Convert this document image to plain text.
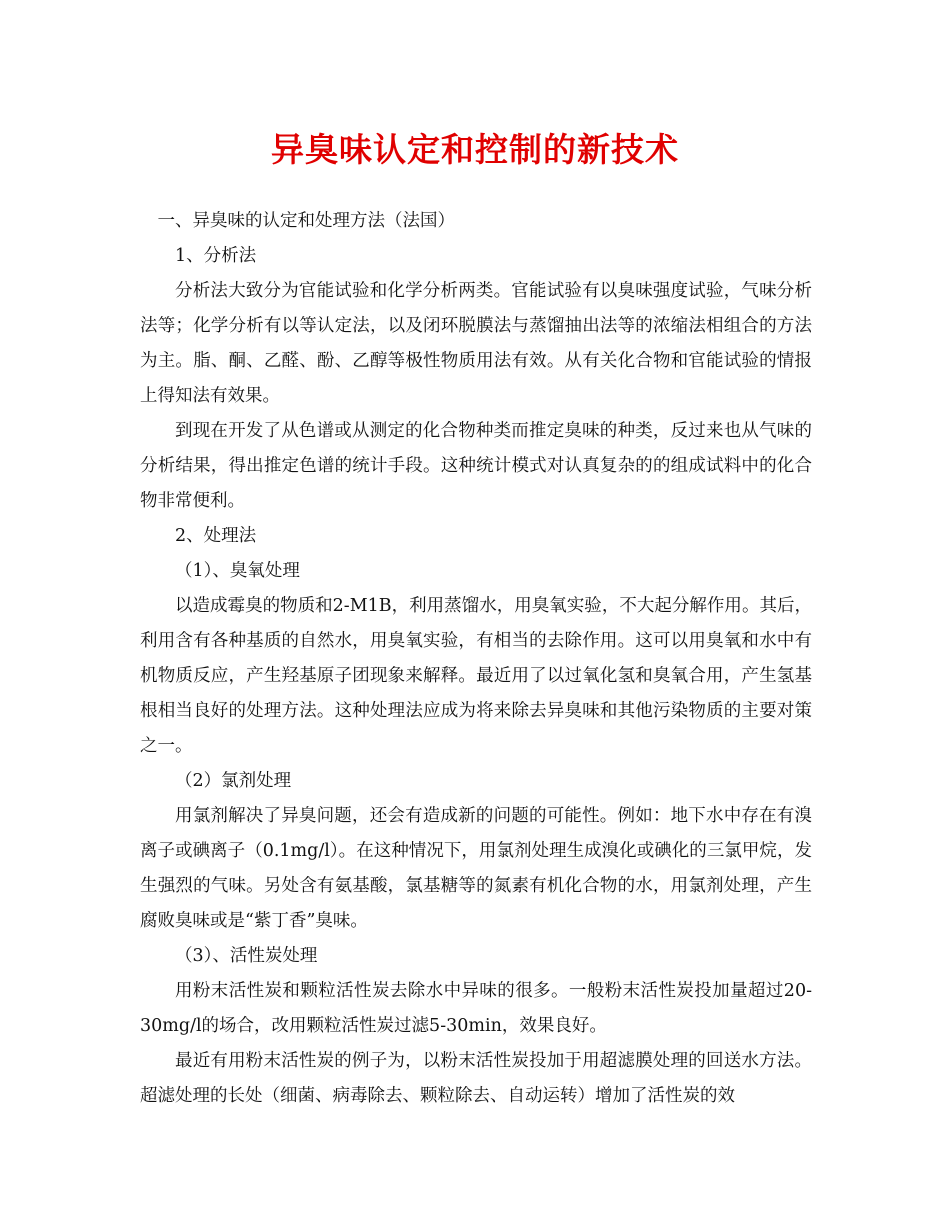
异臭味认定和控制的新技术

一、异臭味的认定和处理方法（法国）

1、分析法

分析法大致分为官能试验和化学分析两类。官能试验有以臭味强度试验，气味分析法等；化学分析有以等认定法，以及闭环脱膜法与蒸馏抽出法等的浓缩法相组合的方法为主。脂、酮、乙醛、酚、乙醇等极性物质用法有效。从有关化合物和官能试验的情报上得知法有效果。

到现在开发了从色谱或从测定的化合物种类而推定臭味的种类，反过来也从气味的分析结果，得出推定色谱的统计手段。这种统计模式对认真复杂的的组成试料中的化合物非常便利。

2、处理法

（1）、臭氧处理

以造成霉臭的物质和2-M1B，利用蒸馏水，用臭氧实验，不大起分解作用。其后，利用含有各种基质的自然水，用臭氧实验，有相当的去除作用。这可以用臭氧和水中有机物质反应，产生羟基原子团现象来解释。最近用了以过氧化氢和臭氧合用，产生氢基根相当良好的处理方法。这种处理法应成为将来除去异臭味和其他污染物质的主要对策之一。

（2）氯剂处理

用氯剂解决了异臭问题，还会有造成新的问题的可能性。例如：地下水中存在有溴离子或碘离子（0.1mg/l）。在这种情况下，用氯剂处理生成溴化或碘化的三氯甲烷，发生强烈的气味。另处含有氨基酸，氯基糖等的氮素有机化合物的水，用氯剂处理，产生腐败臭味或是“紫丁香”臭味。

（3）、活性炭处理

用粉末活性炭和颗粒活性炭去除水中异味的很多。一般粉末活性炭投加量超过20-30mg/l的场合，改用颗粒活性炭过滤5-30min，效果良好。

最近有用粉末活性炭的例子为，以粉末活性炭投加于用超滤膜处理的回送水方法。超滤处理的长处（细菌、病毒除去、颗粒除去、自动运转）增加了活性炭的效
